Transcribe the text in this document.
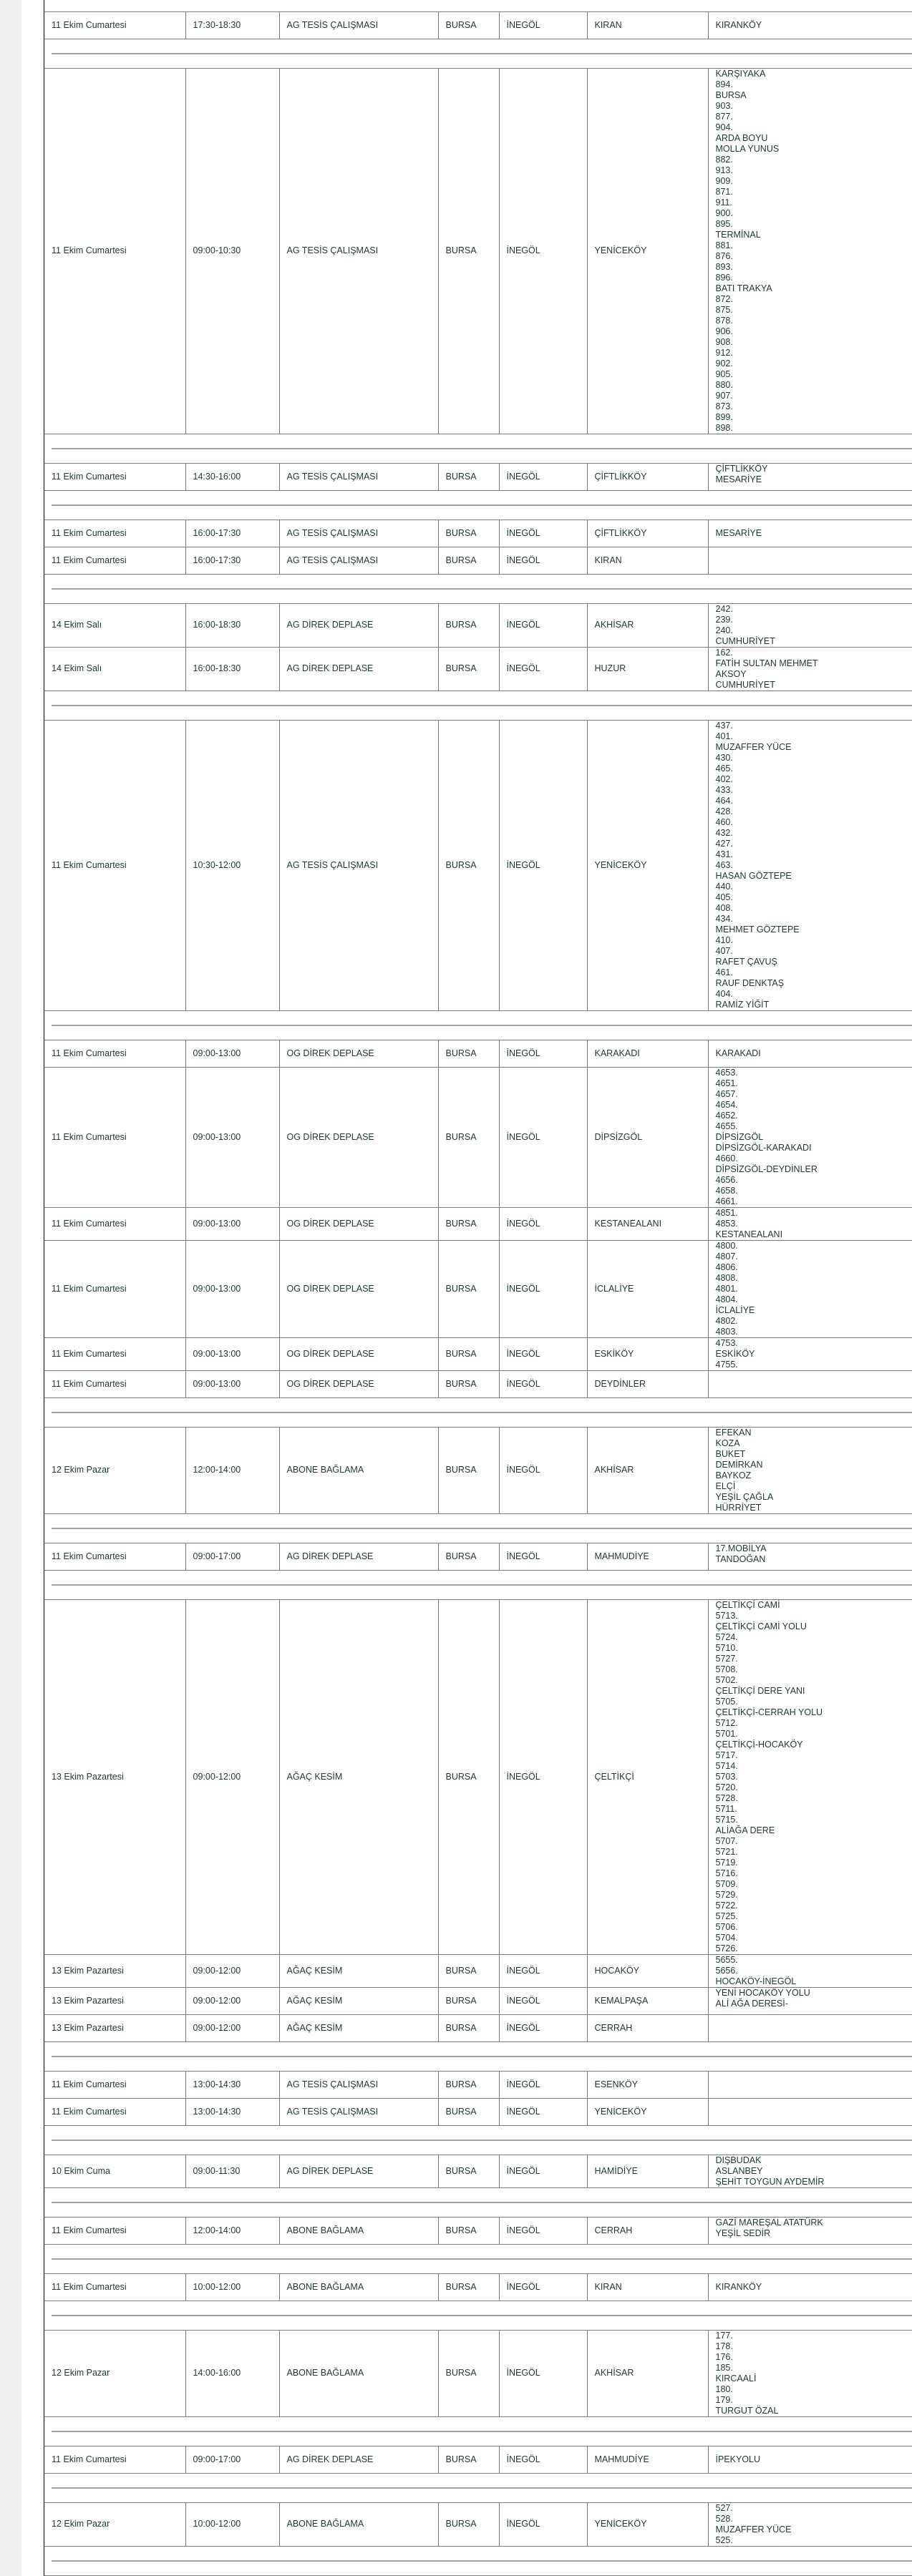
11 Ekim Cumartesi	17:30-18:30	AG TESİS ÇALIŞMASI	BURSA	İNEGÖL	KIRAN	KIRANKÖY

11 Ekim Cumartesi	09:00-10:30	AG TESİS ÇALIŞMASI	BURSA	İNEGÖL	YENİCEKÖY	
KARŞIYAKA
894.
BURSA
903.
877.
904.
ARDA BOYU
MOLLA YUNUS
882.
913.
909.
871.
911.
900.
895.
TERMİNAL
881.
876.
893.
896.
BATI TRAKYA
872.
875.
878.
906.
908.
912.
902.
905.
880.
907.
873.
899.
898.

11 Ekim Cumartesi	14:30-16:00	AG TESİS ÇALIŞMASI	BURSA	İNEGÖL	ÇİFTLİKKÖY	ÇİFTLİKKÖY
MESARİYE

11 Ekim Cumartesi	16:00-17:30	AG TESİS ÇALIŞMASI	BURSA	İNEGÖL	ÇİFTLİKKÖY	MESARİYE

11 Ekim Cumartesi	16:00-17:30	AG TESİS ÇALIŞMASI	BURSA	İNEGÖL	KIRAN	

14 Ekim Salı	16:00-18:30	AG DİREK DEPLASE	BURSA	İNEGÖL	AKHİSAR	242.
239.
240.
CUMHURİYET

14 Ekim Salı	16:00-18:30	AG DİREK DEPLASE	BURSA	İNEGÖL	HUZUR	162.
FATİH SULTAN MEHMET
AKSOY
CUMHURİYET

11 Ekim Cumartesi	10:30-12:00	AG TESİS ÇALIŞMASI	BURSA	İNEGÖL	YENİCEKÖY	
437.
401.
MUZAFFER YÜCE
430.
465.
402.
433.
464.
428.
460.
432.
427.
431.
463.
HASAN GÖZTEPE
440.
405.
408.
434.
MEHMET GÖZTEPE
410.
407.
RAFET ÇAVUŞ
461.
RAUF DENKTAŞ
404.
RAMİZ YİĞİT

11 Ekim Cumartesi	09:00-13:00	OG DİREK DEPLASE	BURSA	İNEGÖL	KARAKADI	KARAKADI

11 Ekim Cumartesi	09:00-13:00	OG DİREK DEPLASE	BURSA	İNEGÖL	DİPSİZGÖL	
4653.
4651.
4657.
4654.
4652.
4655.
DİPSİZGÖL
DİPSİZGÖL-KARAKADI
4660.
DİPSİZGÖL-DEYDİNLER
4656.
4658.
4661.

11 Ekim Cumartesi	09:00-13:00	OG DİREK DEPLASE	BURSA	İNEGÖL	KESTANEALANI	4851.
4853.
KESTANEALANI

11 Ekim Cumartesi	09:00-13:00	OG DİREK DEPLASE	BURSA	İNEGÖL	İCLALİYE	
4800.
4807.
4806.
4808.
4801.
4804.
İCLALİYE
4802.
4803.

11 Ekim Cumartesi	09:00-13:00	OG DİREK DEPLASE	BURSA	İNEGÖL	ESKİKÖY	4753.
ESKİKÖY
4755.

11 Ekim Cumartesi	09:00-13:00	OG DİREK DEPLASE	BURSA	İNEGÖL	DEYDİNLER	

12 Ekim Pazar	12:00-14:00	ABONE BAĞLAMA	BURSA	İNEGÖL	AKHİSAR	
EFEKAN
KOZA
BUKET
DEMİRKAN
BAYKOZ
ELÇİ
YEŞİL ÇAĞLA
HÜRRİYET

11 Ekim Cumartesi	09:00-17:00	AG DİREK DEPLASE	BURSA	İNEGÖL	MAHMUDİYE	17.MOBİLYA
TANDOĞAN

13 Ekim Pazartesi	09:00-12:00	AĞAÇ KESİM	BURSA	İNEGÖL	ÇELTİKÇİ	
ÇELTİKÇİ CAMİ
5713.
ÇELTİKÇİ CAMİ YOLU
5724.
5710.
5727.
5708.
5702.
ÇELTİKÇİ DERE YANI
5705.
ÇELTİKÇİ-CERRAH YOLU
5712.
5701.
ÇELTİKÇİ-HOCAKÖY
5717.
5714.
5703.
5720.
5728.
5711.
5715.
ALİAĞA DERE
5707.
5721.
5719.
5716.
5709.
5729.
5722.
5725.
5706.
5704.
5726.

13 Ekim Pazartesi	09:00-12:00	AĞAÇ KESİM	BURSA	İNEGÖL	HOCAKÖY	5655.
5656.
HOCAKÖY-İNEGÖL

13 Ekim Pazartesi	09:00-12:00	AĞAÇ KESİM	BURSA	İNEGÖL	KEMALPAŞA	YENİ HOCAKÖY YOLU
ALİ AĞA DERESİ-

13 Ekim Pazartesi	09:00-12:00	AĞAÇ KESİM	BURSA	İNEGÖL	CERRAH	

11 Ekim Cumartesi	13:00-14:30	AG TESİS ÇALIŞMASI	BURSA	İNEGÖL	ESENKÖY	
11 Ekim Cumartesi	13:00-14:30	AG TESİS ÇALIŞMASI	BURSA	İNEGÖL	YENİCEKÖY	

10 Ekim Cuma	09:00-11:30	AG DİREK DEPLASE	BURSA	İNEGÖL	HAMİDİYE	DIŞBUDAK
ASLANBEY
ŞEHİT TOYGUN AYDEMİR

11 Ekim Cumartesi	12:00-14:00	ABONE BAĞLAMA	BURSA	İNEGÖL	CERRAH	GAZİ MAREŞAL ATATÜRK
YEŞİL SEDİR

11 Ekim Cumartesi	10:00-12:00	ABONE BAĞLAMA	BURSA	İNEGÖL	KIRAN	KIRANKÖY

12 Ekim Pazar	14:00-16:00	ABONE BAĞLAMA	BURSA	İNEGÖL	AKHİSAR	
177.
178.
176.
185.
KIRCAALİ
180.
179.
TURGUT ÖZAL

11 Ekim Cumartesi	09:00-17:00	AG DİREK DEPLASE	BURSA	İNEGÖL	MAHMUDİYE	İPEKYOLU

12 Ekim Pazar	10:00-12:00	ABONE BAĞLAMA	BURSA	İNEGÖL	YENİCEKÖY	527.
528.
MUZAFFER YÜCE
525.
